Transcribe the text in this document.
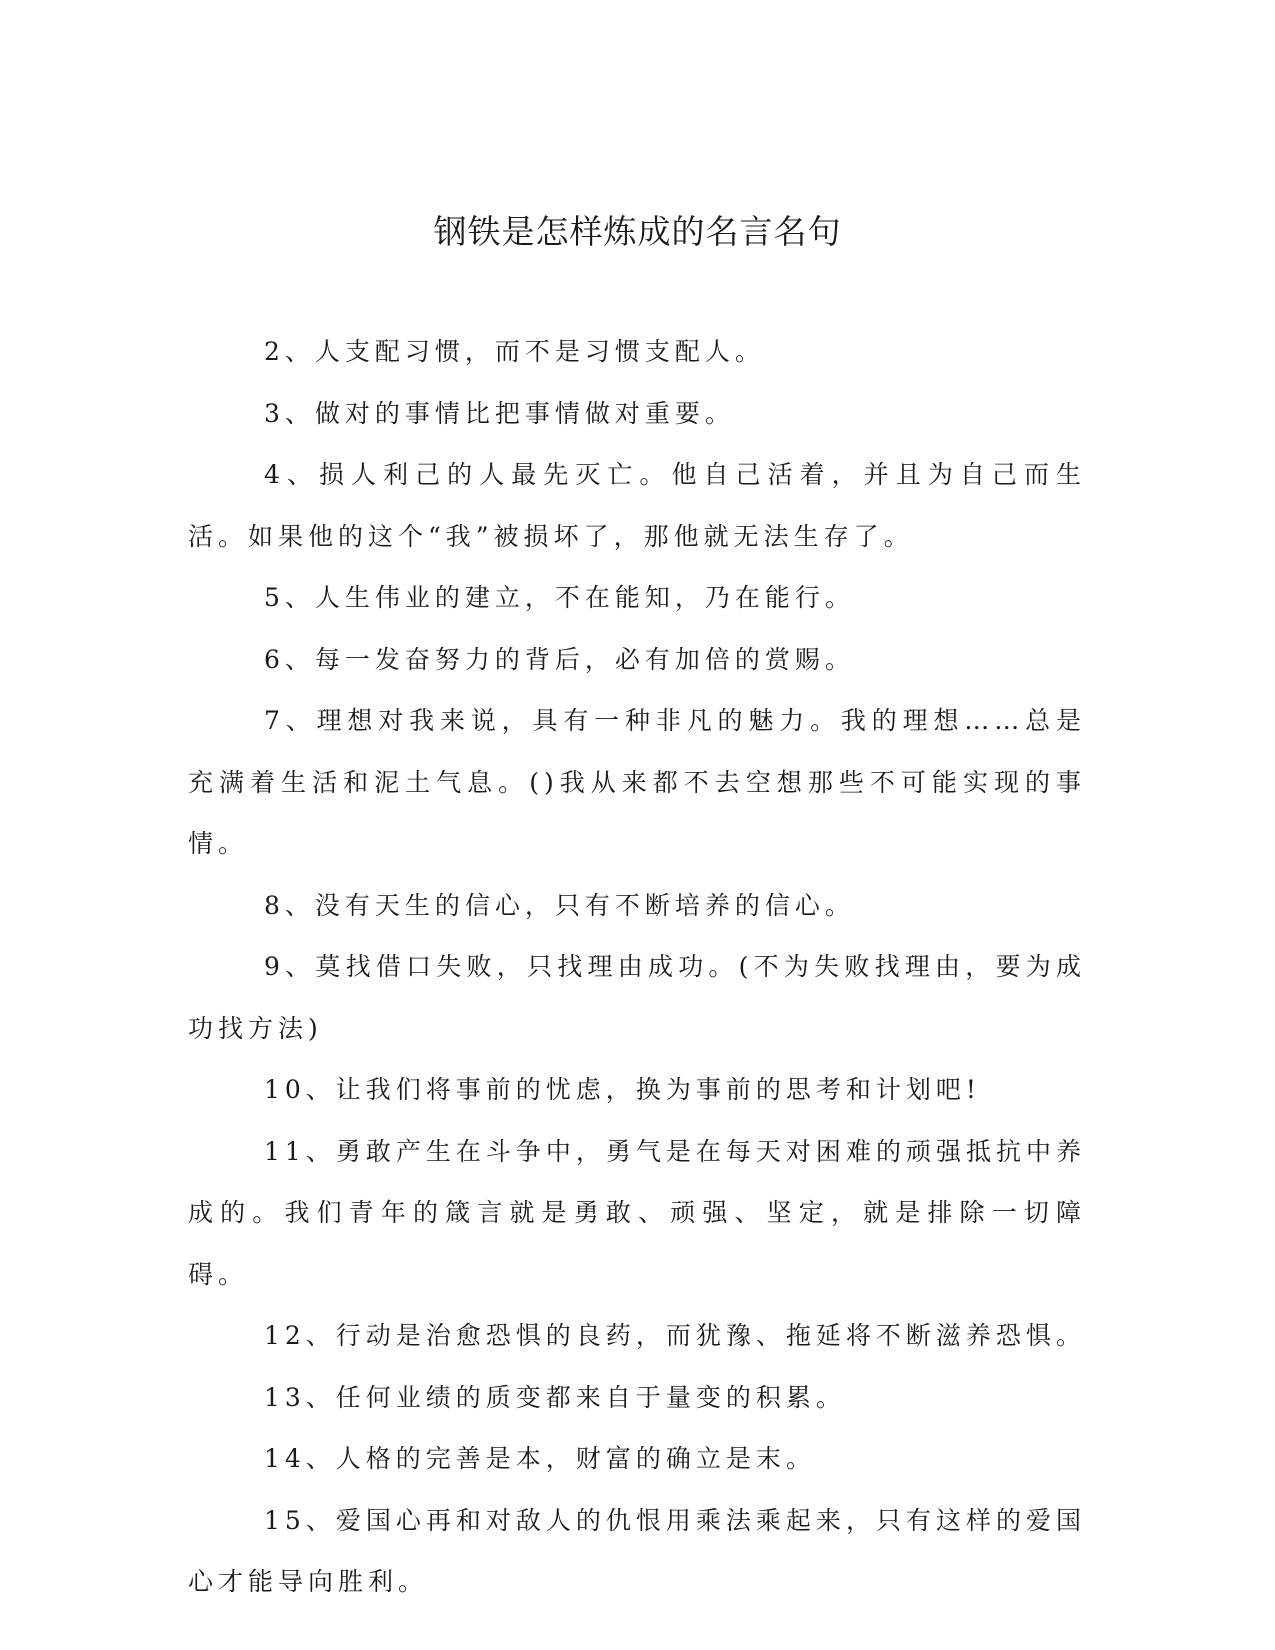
钢铁是怎样炼成的名言名句

2、人支配习惯，而不是习惯支配人。

3、做对的事情比把事情做对重要。

4、损人利己的人最先灭亡。他自己活着，并且为自己而生活。如果他的这个“我”被损坏了，那他就无法生存了。

5、人生伟业的建立，不在能知，乃在能行。

6、每一发奋努力的背后，必有加倍的赏赐。

7、理想对我来说，具有一种非凡的魅力。我的理想……总是充满着生活和泥土气息。()我从来都不去空想那些不可能实现的事情。

8、没有天生的信心，只有不断培养的信心。

9、莫找借口失败，只找理由成功。(不为失败找理由，要为成功找方法)

10、让我们将事前的忧虑，换为事前的思考和计划吧!

11、勇敢产生在斗争中，勇气是在每天对困难的顽强抵抗中养成的。我们青年的箴言就是勇敢、顽强、坚定，就是排除一切障碍。

12、行动是治愈恐惧的良药，而犹豫、拖延将不断滋养恐惧。

13、任何业绩的质变都来自于量变的积累。

14、人格的完善是本，财富的确立是末。

15、爱国心再和对敌人的仇恨用乘法乘起来，只有这样的爱国心才能导向胜利。
